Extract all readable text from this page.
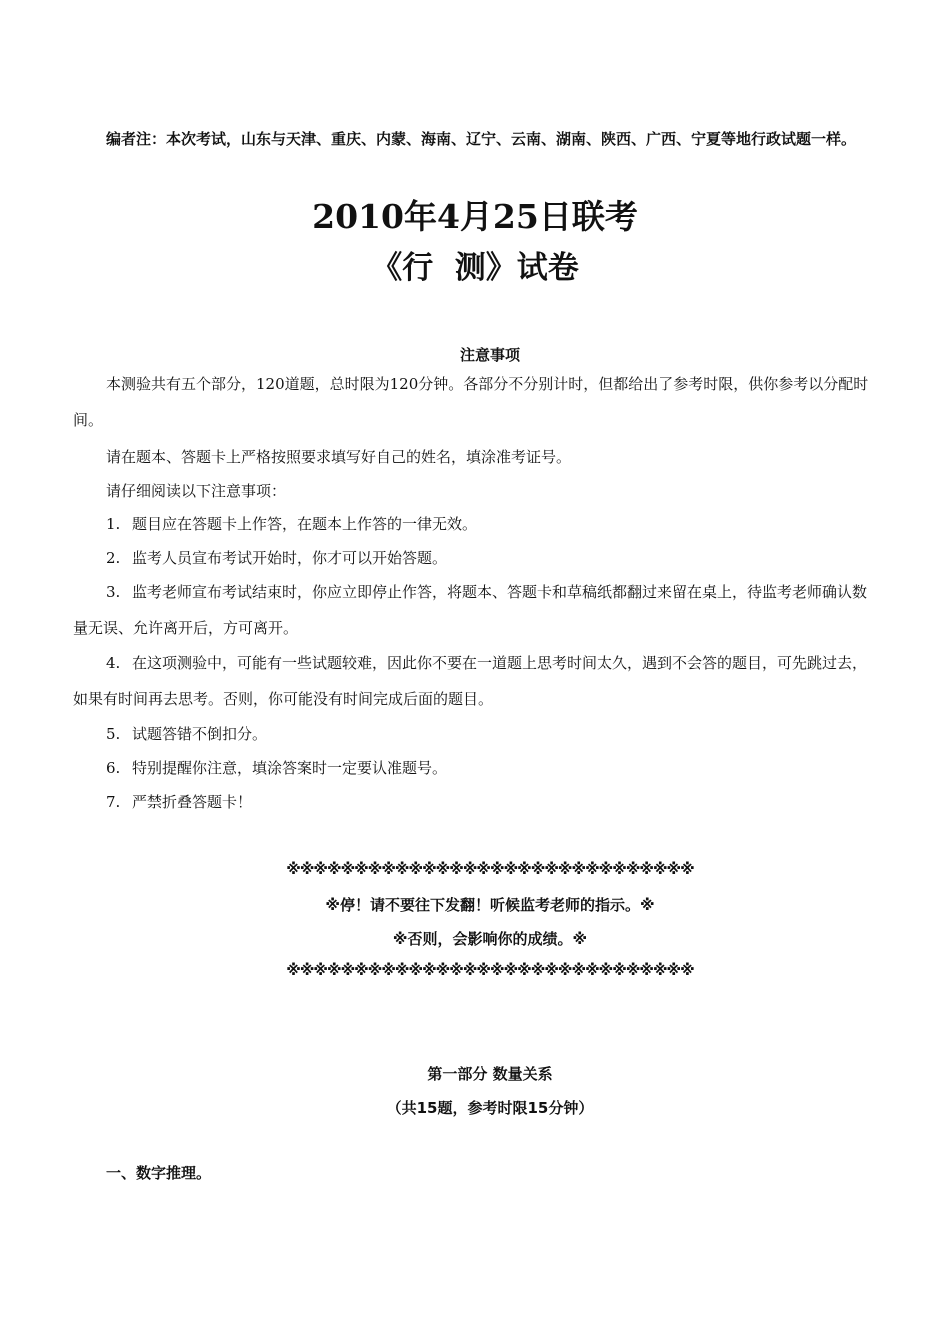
编者注：本次考试，山东与天津、重庆、内蒙、海南、辽宁、云南、湖南、陕西、广西、宁夏等地行政试题一样。
2010年4月25日联考
《行  测》试卷
注意事项
本测验共有五个部分，120道题，总时限为120分钟。各部分不分别计时，但都给出了参考时限，供你参考以分配时间。
请在题本、答题卡上严格按照要求填写好自己的姓名，填涂准考证号。
请仔细阅读以下注意事项：
1. 题目应在答题卡上作答，在题本上作答的一律无效。
2. 监考人员宣布考试开始时，你才可以开始答题。
3. 监考老师宣布考试结束时，你应立即停止作答，将题本、答题卡和草稿纸都翻过来留在桌上，待监考老师确认数量无误、允许离开后，方可离开。
4. 在这项测验中，可能有一些试题较难，因此你不要在一道题上思考时间太久，遇到不会答的题目，可先跳过去，如果有时间再去思考。否则，你可能没有时间完成后面的题目。
5. 试题答错不倒扣分。
6. 特别提醒你注意，填涂答案时一定要认准题号。
7. 严禁折叠答题卡！
※※※※※※※※※※※※※※※※※※※※※※※※※※※※※※
※停！请不要往下发翻！听候监考老师的指示。※
※否则，会影响你的成绩。※
※※※※※※※※※※※※※※※※※※※※※※※※※※※※※※
第一部分 数量关系
（共15题，参考时限15分钟）
一、数字推理。
